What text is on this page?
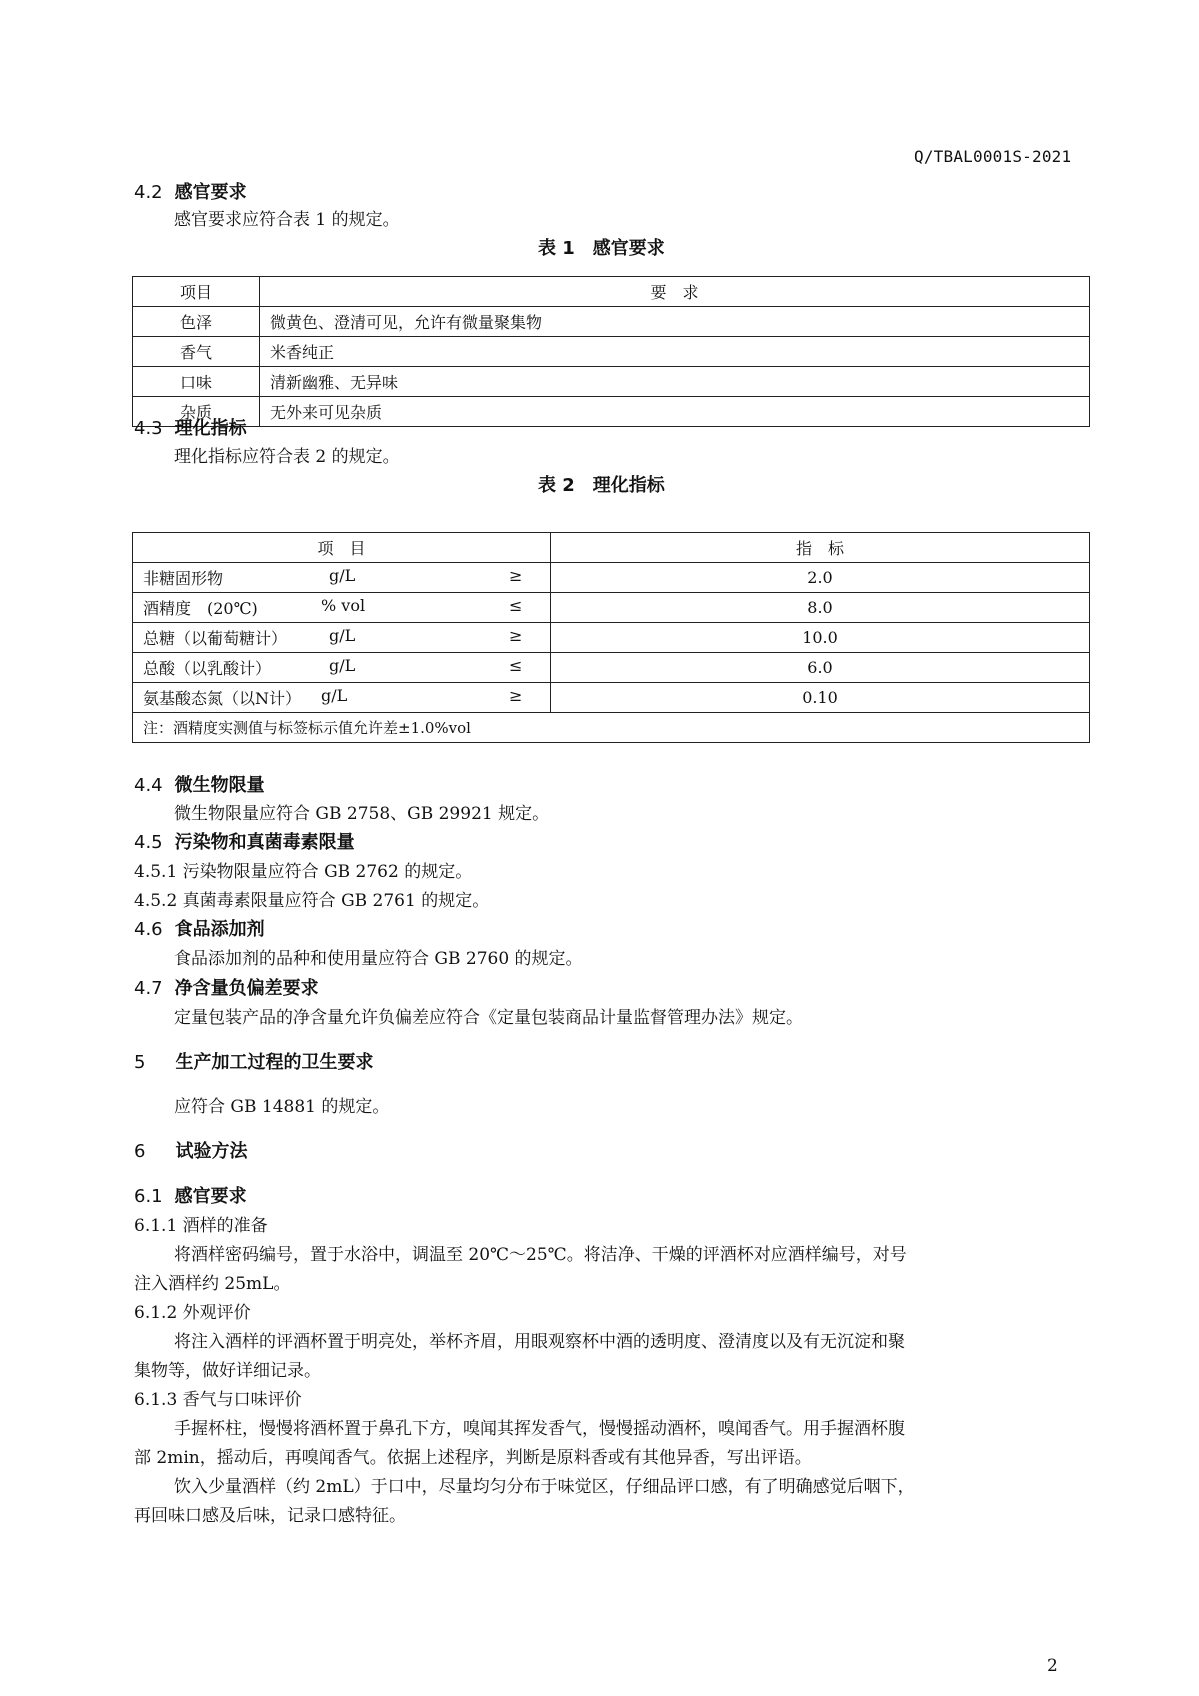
Q/TBAL0001S-2021
4.2 感官要求
感官要求应符合表 1 的规定。
表 1　感官要求
项目	要　求
色泽	微黄色、澄清可见，允许有微量聚集物
香气	米香纯正
口味	清新幽雅、无异味
杂质	无外来可见杂质
4.3 理化指标
理化指标应符合表 2 的规定。
表 2　理化指标
项　目	指　标
非糖固形物 g/L ≥	2.0
酒精度　(20℃) % vol ≤	8.0
总糖（以葡萄糖计） g/L ≥	10.0
总酸（以乳酸计） g/L ≤	6.0
氨基酸态氮（以N计） g/L ≥	0.10
注：酒精度实测值与标签标示值允许差±1.0%vol	
4.4 微生物限量
微生物限量应符合 GB 2758、GB 29921 规定。
4.5 污染物和真菌毒素限量
4.5.1 污染物限量应符合 GB 2762 的规定。
4.5.2 真菌毒素限量应符合 GB 2761 的规定。
4.6 食品添加剂
食品添加剂的品种和使用量应符合 GB 2760 的规定。
4.7 净含量负偏差要求
定量包装产品的净含量允许负偏差应符合《定量包装商品计量监督管理办法》规定。
5 生产加工过程的卫生要求
应符合 GB 14881 的规定。
6 试验方法
6.1 感官要求
6.1.1 酒样的准备
将酒样密码编号，置于水浴中，调温至 20℃～25℃。将洁净、干燥的评酒杯对应酒样编号，对号
注入酒样约 25mL。
6.1.2 外观评价
将注入酒样的评酒杯置于明亮处，举杯齐眉，用眼观察杯中酒的透明度、澄清度以及有无沉淀和聚
集物等，做好详细记录。
6.1.3 香气与口味评价
手握杯柱，慢慢将酒杯置于鼻孔下方，嗅闻其挥发香气，慢慢摇动酒杯，嗅闻香气。用手握酒杯腹
部 2min，摇动后，再嗅闻香气。依据上述程序，判断是原料香或有其他异香，写出评语。
饮入少量酒样（约 2mL）于口中，尽量均匀分布于味觉区，仔细品评口感，有了明确感觉后咽下，
再回味口感及后味，记录口感特征。
2
